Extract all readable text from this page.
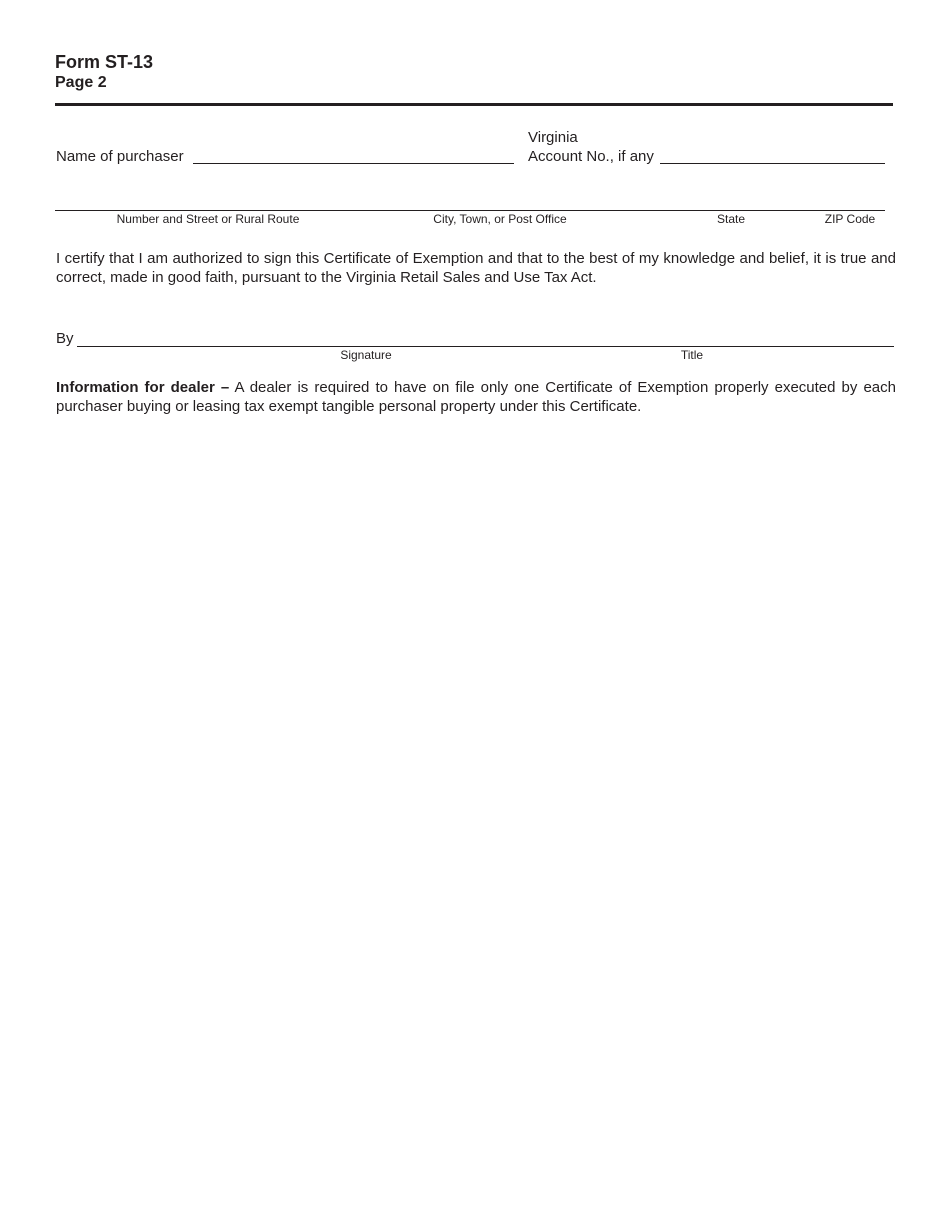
Form ST-13
Page 2
Name of purchaser
Virginia
Account No., if any
Number and Street or Rural Route	City, Town, or Post Office	State	ZIP Code
I certify that I am authorized to sign this Certificate of Exemption and that to the best of my knowledge and belief, it is true and correct, made in good faith, pursuant to the Virginia Retail Sales and Use Tax Act.
By
Signature	Title
Information for dealer – A dealer is required to have on file only one Certificate of Exemption properly executed by each purchaser buying or leasing tax exempt tangible personal property under this Certificate.
